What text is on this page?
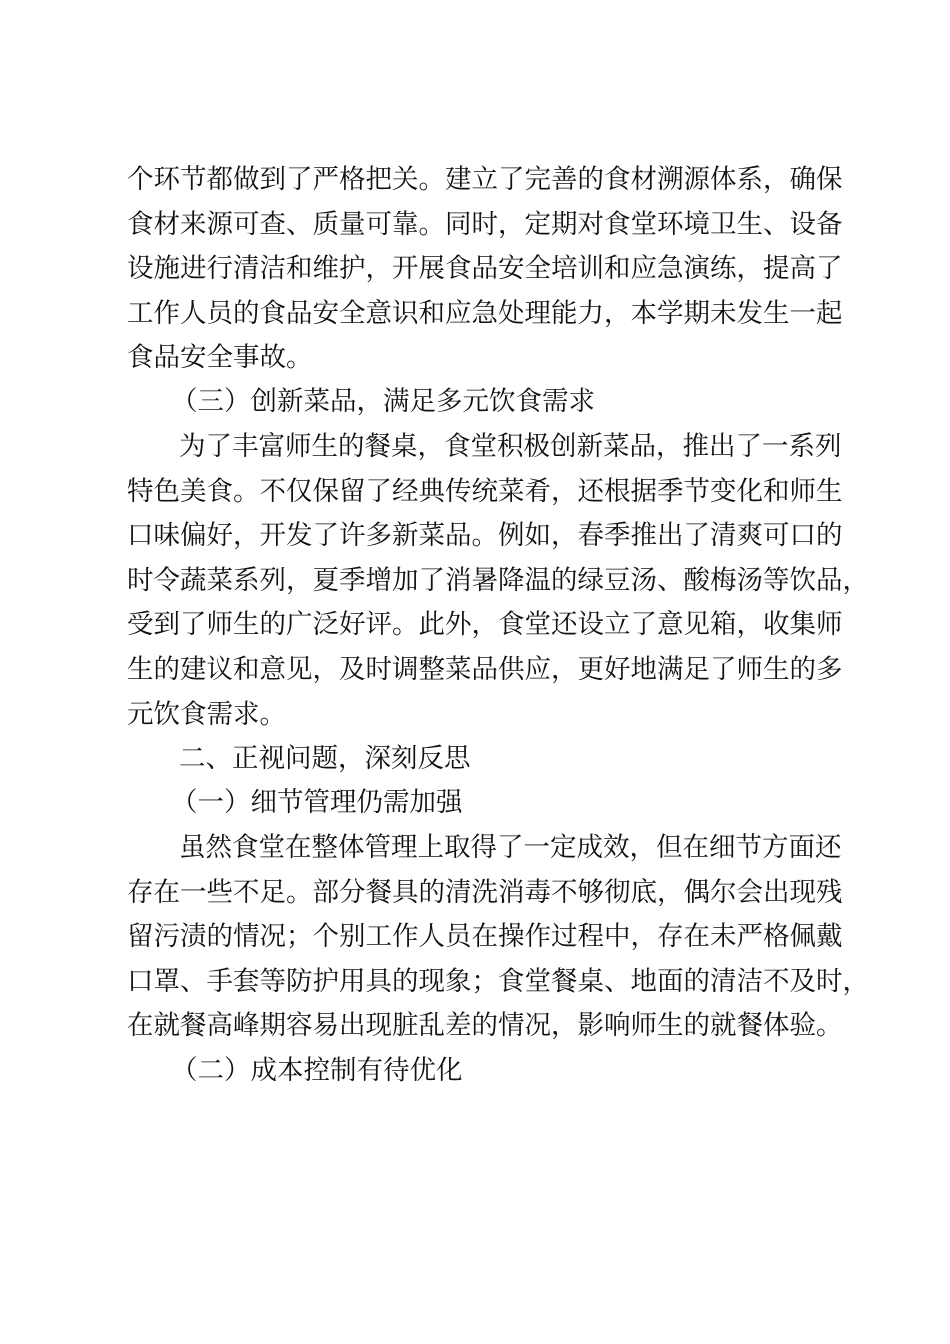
个环节都做到了严格把关。建立了完善的食材溯源体系，确保
食材来源可查、质量可靠。同时，定期对食堂环境卫生、设备
设施进行清洁和维护，开展食品安全培训和应急演练，提高了
工作人员的食品安全意识和应急处理能力，本学期未发生一起
食品安全事故。
（三）创新菜品，满足多元饮食需求
为了丰富师生的餐桌，食堂积极创新菜品，推出了一系列
特色美食。不仅保留了经典传统菜肴，还根据季节变化和师生
口味偏好，开发了许多新菜品。例如，春季推出了清爽可口的
时令蔬菜系列，夏季增加了消暑降温的绿豆汤、酸梅汤等饮品，
受到了师生的广泛好评。此外，食堂还设立了意见箱，收集师
生的建议和意见，及时调整菜品供应，更好地满足了师生的多
元饮食需求。
二、正视问题，深刻反思
（一）细节管理仍需加强
虽然食堂在整体管理上取得了一定成效，但在细节方面还
存在一些不足。部分餐具的清洗消毒不够彻底，偶尔会出现残
留污渍的情况；个别工作人员在操作过程中，存在未严格佩戴
口罩、手套等防护用具的现象；食堂餐桌、地面的清洁不及时，
在就餐高峰期容易出现脏乱差的情况，影响师生的就餐体验。
（二）成本控制有待优化
